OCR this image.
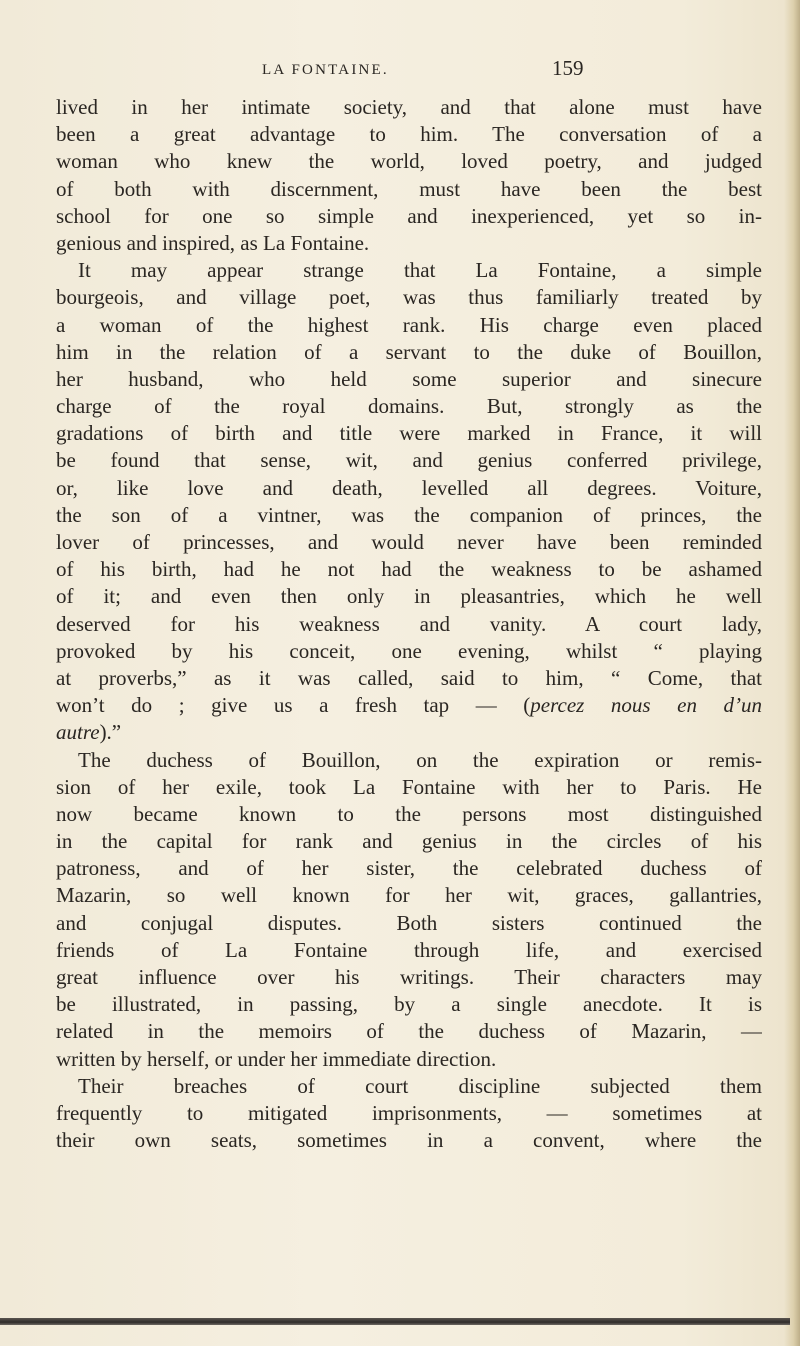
LA FONTAINE.	159
lived in her intimate society, and that alone must have
been a great advantage to him. The conversation of a
woman who knew the world, loved poetry, and judged
of both with discernment, must have been the best
school for one so simple and inexperienced, yet so in-
genious and inspired, as La Fontaine.
It may appear strange that La Fontaine, a simple
bourgeois, and village poet, was thus familiarly treated by
a woman of the highest rank. His charge even placed
him in the relation of a servant to the duke of Bouillon,
her husband, who held some superior and sinecure
charge of the royal domains. But, strongly as the
gradations of birth and title were marked in France, it will
be found that sense, wit, and genius conferred privilege,
or, like love and death, levelled all degrees. Voiture,
the son of a vintner, was the companion of princes, the
lover of princesses, and would never have been reminded
of his birth, had he not had the weakness to be ashamed
of it; and even then only in pleasantries, which he well
deserved for his weakness and vanity. A court lady,
provoked by his conceit, one evening, whilst “ playing
at proverbs,” as it was called, said to him, “ Come, that
won’t do ; give us a fresh tap — (percez nous en d’un
autre).”
The duchess of Bouillon, on the expiration or remis-
sion of her exile, took La Fontaine with her to Paris. He
now became known to the persons most distinguished
in the capital for rank and genius in the circles of his
patroness, and of her sister, the celebrated duchess of
Mazarin, so well known for her wit, graces, gallantries,
and conjugal disputes. Both sisters continued the
friends of La Fontaine through life, and exercised
great influence over his writings. Their characters may
be illustrated, in passing, by a single anecdote. It is
related in the memoirs of the duchess of Mazarin, —
written by herself, or under her immediate direction.
Their breaches of court discipline subjected them
frequently to mitigated imprisonments, — sometimes at
their own seats, sometimes in a convent, where the
